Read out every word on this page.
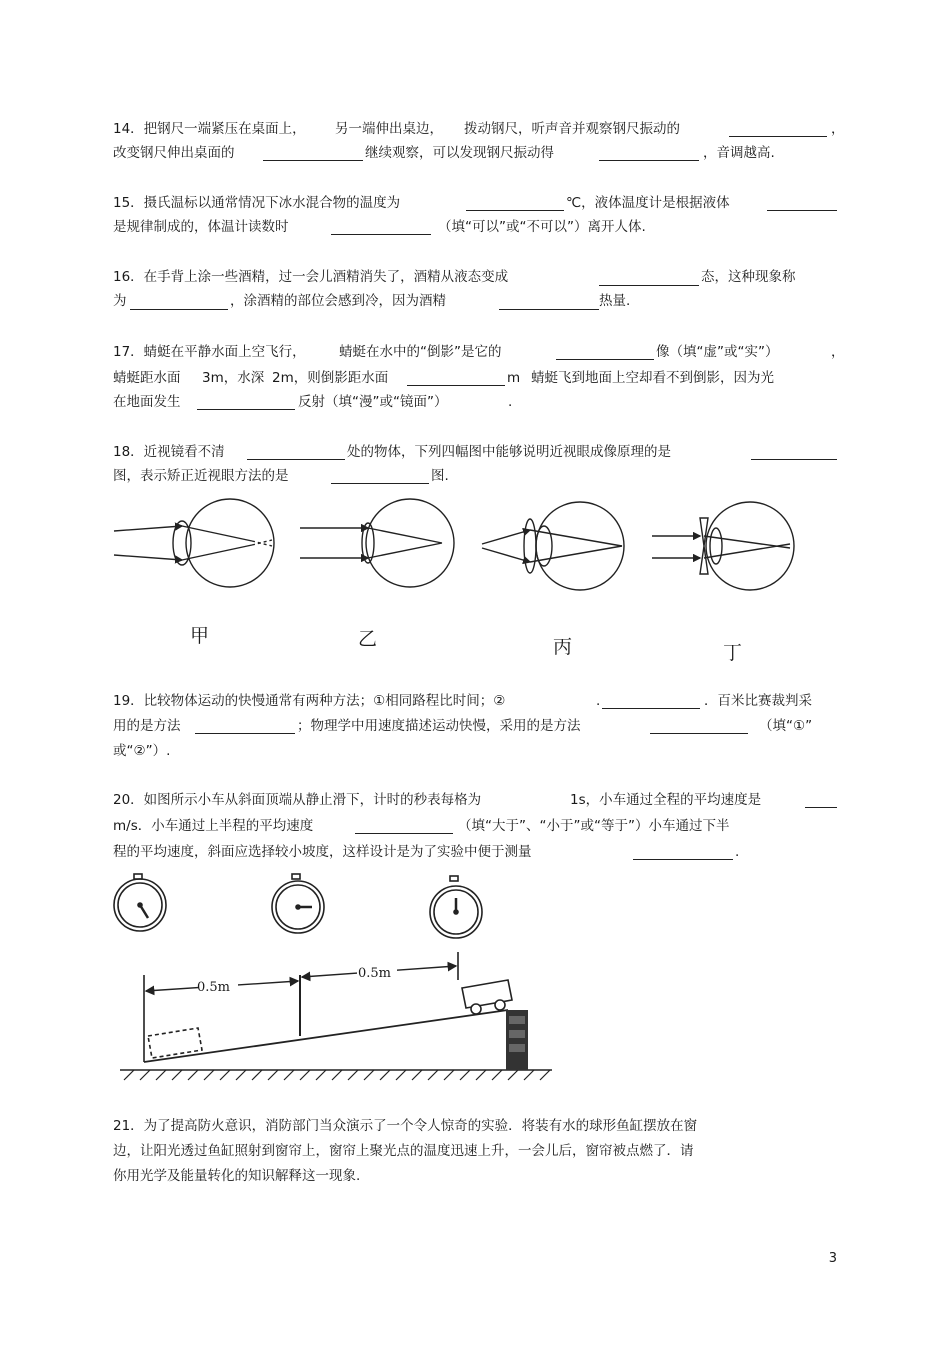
14．把钢尺一端紧压在桌面上， 另一端伸出桌边， 拨动钢尺，听声音并观察钢尺振动的	，
改变钢尺伸出桌面的	继续观察，可以发现钢尺振动得	，音调越高.
15．摄氏温标以通常情况下冰水混合物的温度为	℃，液体温度计是根据液体
是规律制成的，体温计读数时	（填“可以”或“不可以”）离开人体.
16．在手背上涂一些酒精，过一会儿酒精消失了，酒精从液态变成	态，这种现象称
为	，涂酒精的部位会感到冷，因为酒精	热量.
17．蜻蜓在平静水面上空飞行， 蜻蜓在水中的“倒影”是它的	像（填“虚”或“实”）	，
蜻蜓距水面 3m，水深 2m，则倒影距水面	m 蜻蜓飞到地面上空却看不到倒影，因为光
在地面发生	反射（填“漫”或“镜面”）	.
18．近视镜看不清	处的物体，下列四幅图中能够说明近视眼成像原理的是
图，表示矫正近视眼方法的是	图.
甲	乙	丙	丁
19．比较物体运动的快慢通常有两种方法；①相同路程比时间；②	.	．百米比赛裁判采
用的是方法	；物理学中用速度描述运动快慢，采用的是方法	（填“①”
或“②”）.
20．如图所示小车从斜面顶端从静止滑下，计时的秒表每格为	1s，小车通过全程的平均速度是
m/s．小车通过上半程的平均速度	（填“大于”、“小于”或“等于”）小车通过下半
程的平均速度，斜面应选择较小坡度，这样设计是为了实验中便于测量	.
0.5m
0.5m
21．为了提高防火意识，消防部门当众演示了一个令人惊奇的实验．将装有水的球形鱼缸摆放在窗
边，让阳光透过鱼缸照射到窗帘上，窗帘上聚光点的温度迅速上升，一会儿后，窗帘被点燃了．请
你用光学及能量转化的知识解释这一现象.
3
